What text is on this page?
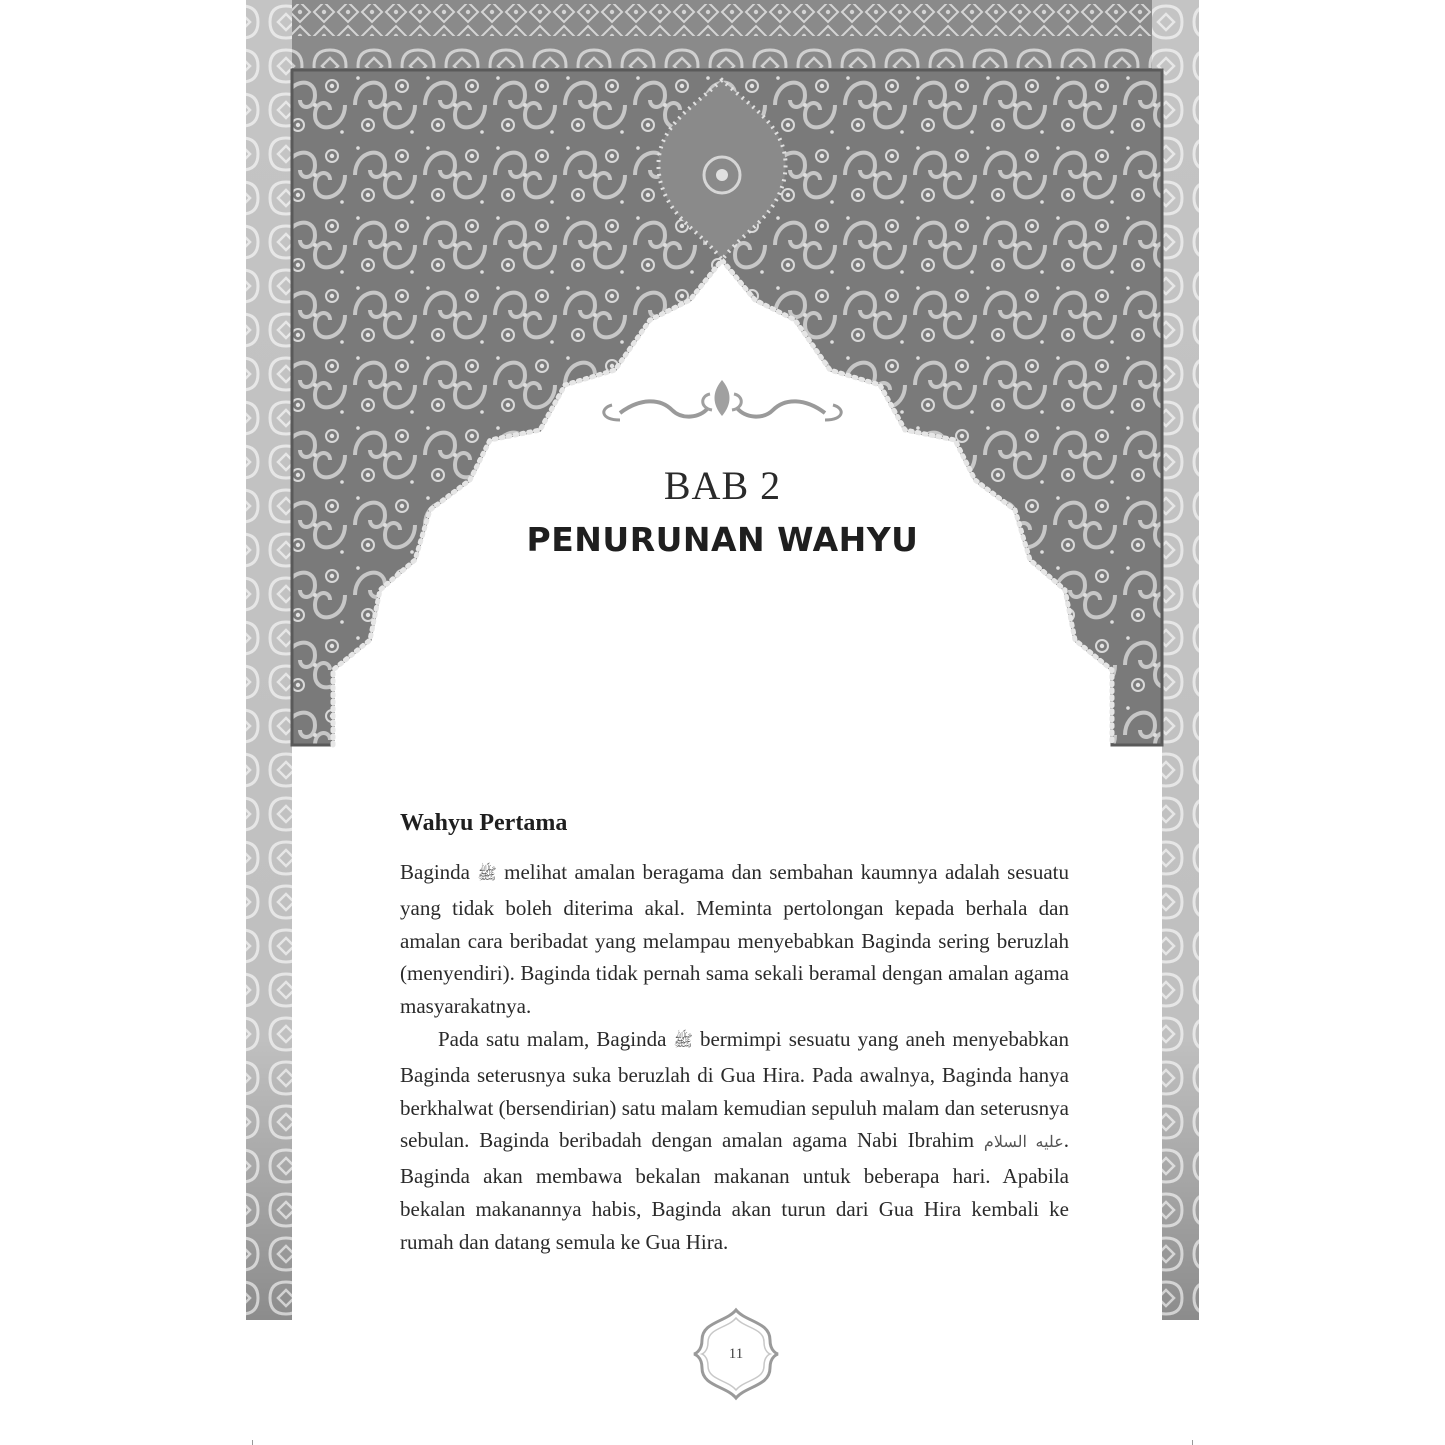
BAB 2
PENURUNAN WAHYU
Wahyu Pertama

Baginda ﷺ melihat amalan beragama dan sembahan kaumnya adalah sesuatu yang tidak boleh diterima akal. Meminta pertolongan kepada berhala dan amalan cara beribadat yang melampau menyebabkan Baginda sering beruzlah (menyendiri). Baginda tidak pernah sama sekali beramal dengan amalan agama masyarakatnya.

Pada satu malam, Baginda ﷺ bermimpi sesuatu yang aneh menyebabkan Baginda seterusnya suka beruzlah di Gua Hira. Pada awalnya, Baginda hanya berkhalwat (bersendirian) satu malam kemudian sepuluh malam dan seterusnya sebulan. Baginda beribadah dengan amalan agama Nabi Ibrahim عليه السلام. Baginda akan membawa bekalan makanan untuk beberapa hari. Apabila bekalan makanannya habis, Baginda akan turun dari Gua Hira kembali ke rumah dan datang semula ke Gua Hira.

11
